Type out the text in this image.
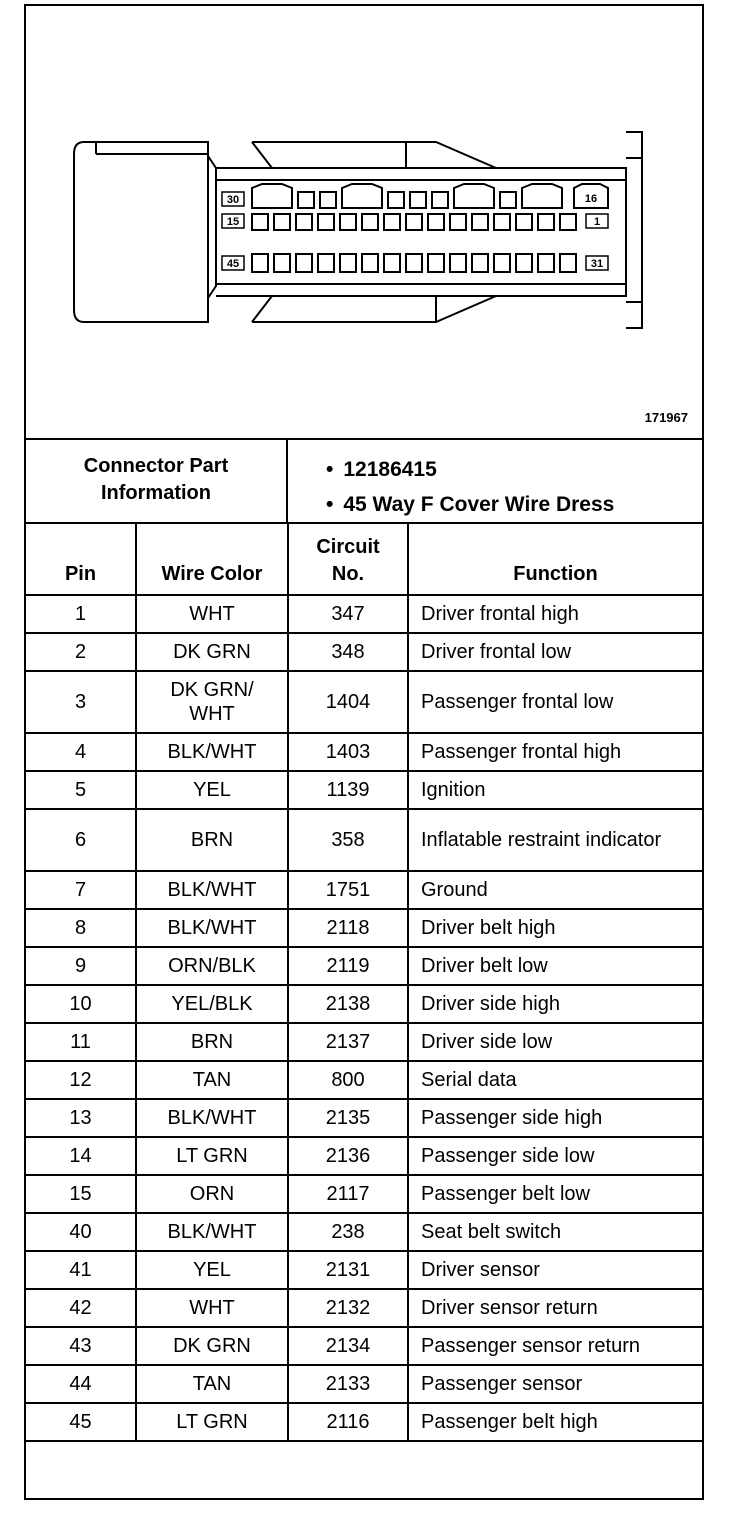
30
15
45
16
1
31
171967
Connector Part
Information
• 12186415
• 45 Way F Cover Wire Dress
Pin	Wire Color	Circuit
No.	Function
1	WHT	347	Driver frontal high
2	DK GRN	348	Driver frontal low
3	DK GRN/
WHT	1404	Passenger frontal low
4	BLK/WHT	1403	Passenger frontal high
5	YEL	1139	Ignition
6	BRN	358	Inflatable restraint indicator
7	BLK/WHT	1751	Ground
8	BLK/WHT	2118	Driver belt high
9	ORN/BLK	2119	Driver belt low
10	YEL/BLK	2138	Driver side high
11	BRN	2137	Driver side low
12	TAN	800	Serial data
13	BLK/WHT	2135	Passenger side high
14	LT GRN	2136	Passenger side low
15	ORN	2117	Passenger belt low
40	BLK/WHT	238	Seat belt switch
41	YEL	2131	Driver sensor
42	WHT	2132	Driver sensor return
43	DK GRN	2134	Passenger sensor return
44	TAN	2133	Passenger sensor
45	LT GRN	2116	Passenger belt high
